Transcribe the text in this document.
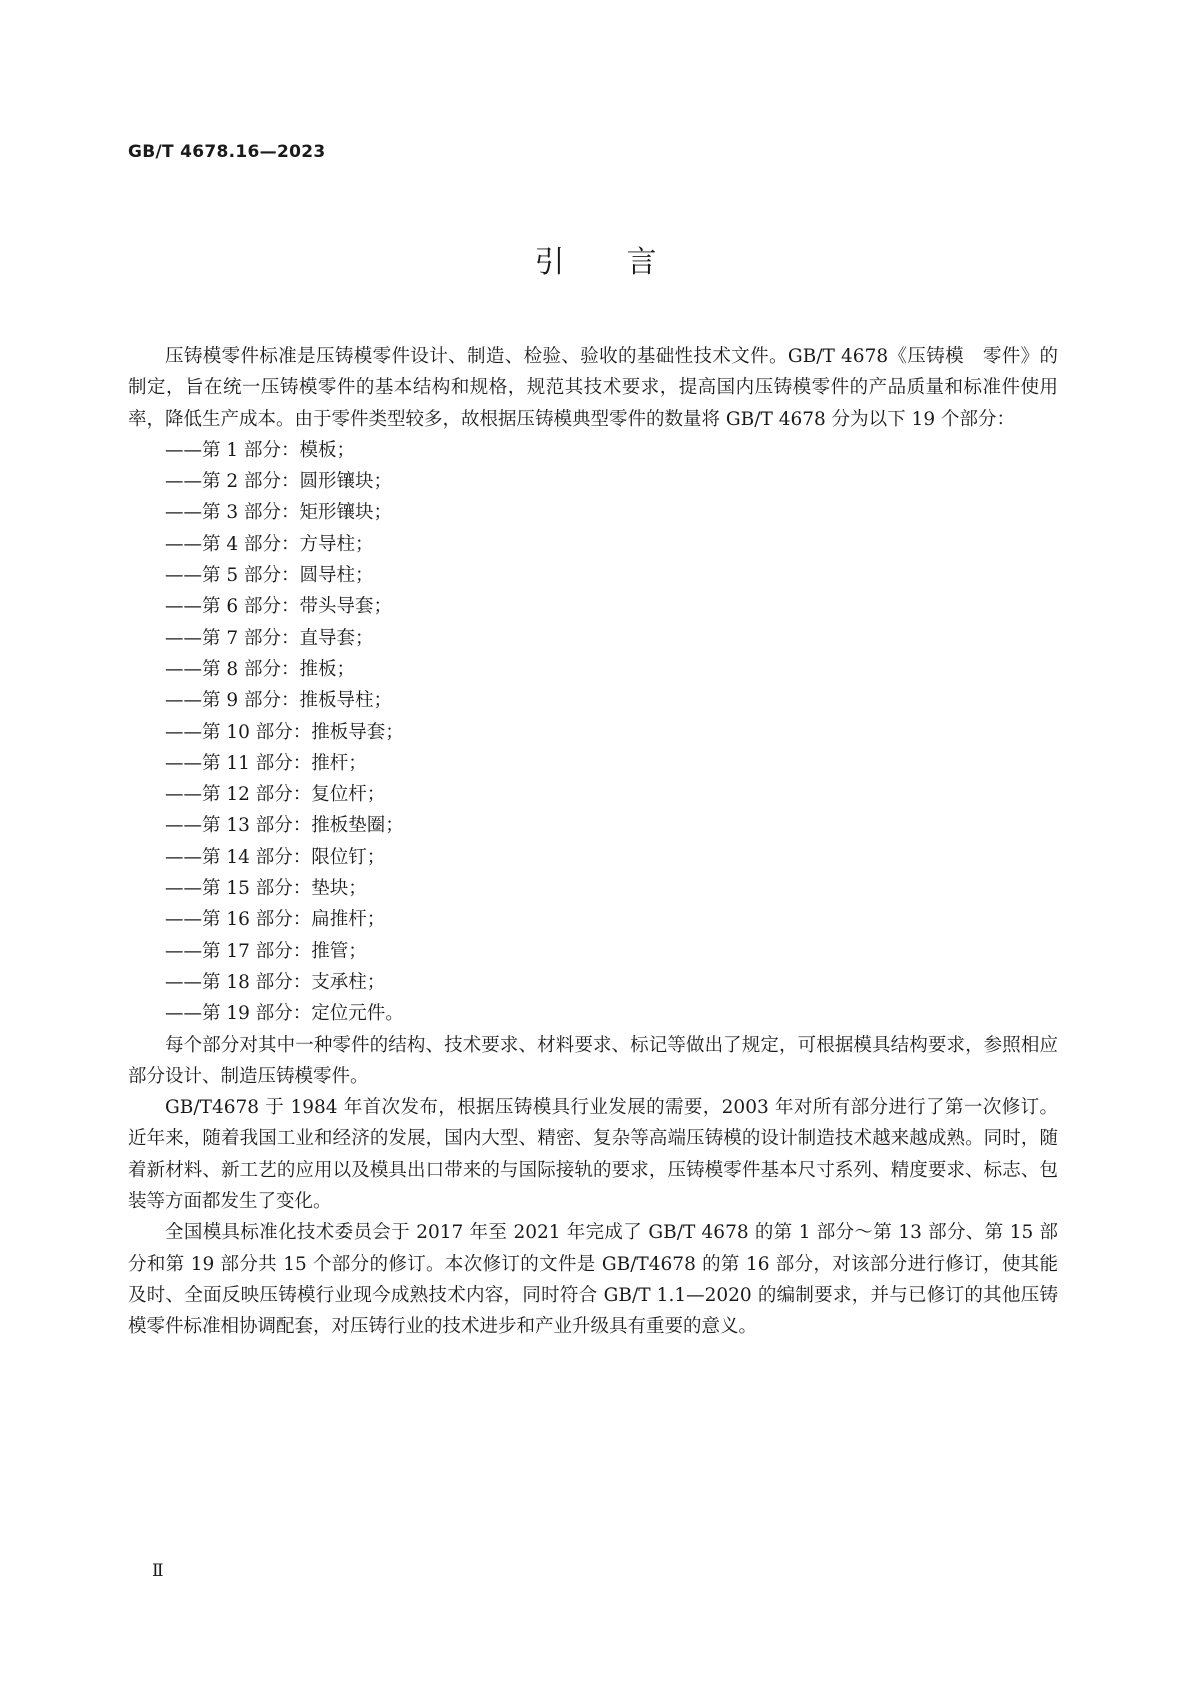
GB/T 4678.16—2023
引言

压铸模零件标准是压铸模零件设计、制造、检验、验收的基础性技术文件。GB/T 4678《压铸模　零件》的制定，旨在统一压铸模零件的基本结构和规格，规范其技术要求，提高国内压铸模零件的产品质量和标准件使用率，降低生产成本。由于零件类型较多，故根据压铸模典型零件的数量将 GB/T 4678 分为以下 19 个部分：

——第 1 部分：模板；
——第 2 部分：圆形镶块；
——第 3 部分：矩形镶块；
——第 4 部分：方导柱；
——第 5 部分：圆导柱；
——第 6 部分：带头导套；
——第 7 部分：直导套；
——第 8 部分：推板；
——第 9 部分：推板导柱；
——第 10 部分：推板导套；
——第 11 部分：推杆；
——第 12 部分：复位杆；
——第 13 部分：推板垫圈；
——第 14 部分：限位钉；
——第 15 部分：垫块；
——第 16 部分：扁推杆；
——第 17 部分：推管；
——第 18 部分：支承柱；
——第 19 部分：定位元件。

每个部分对其中一种零件的结构、技术要求、材料要求、标记等做出了规定，可根据模具结构要求，参照相应部分设计、制造压铸模零件。

GB/T4678 于 1984 年首次发布，根据压铸模具行业发展的需要，2003 年对所有部分进行了第一次修订。近年来，随着我国工业和经济的发展，国内大型、精密、复杂等高端压铸模的设计制造技术越来越成熟。同时，随着新材料、新工艺的应用以及模具出口带来的与国际接轨的要求，压铸模零件基本尺寸系列、精度要求、标志、包装等方面都发生了变化。

全国模具标准化技术委员会于 2017 年至 2021 年完成了 GB/T 4678 的第 1 部分～第 13 部分、第 15 部分和第 19 部分共 15 个部分的修订。本次修订的文件是 GB/T4678 的第 16 部分，对该部分进行修订，使其能及时、全面反映压铸模行业现今成熟技术内容，同时符合 GB/T 1.1—2020 的编制要求，并与已修订的其他压铸模零件标准相协调配套，对压铸行业的技术进步和产业升级具有重要的意义。

Ⅱ
